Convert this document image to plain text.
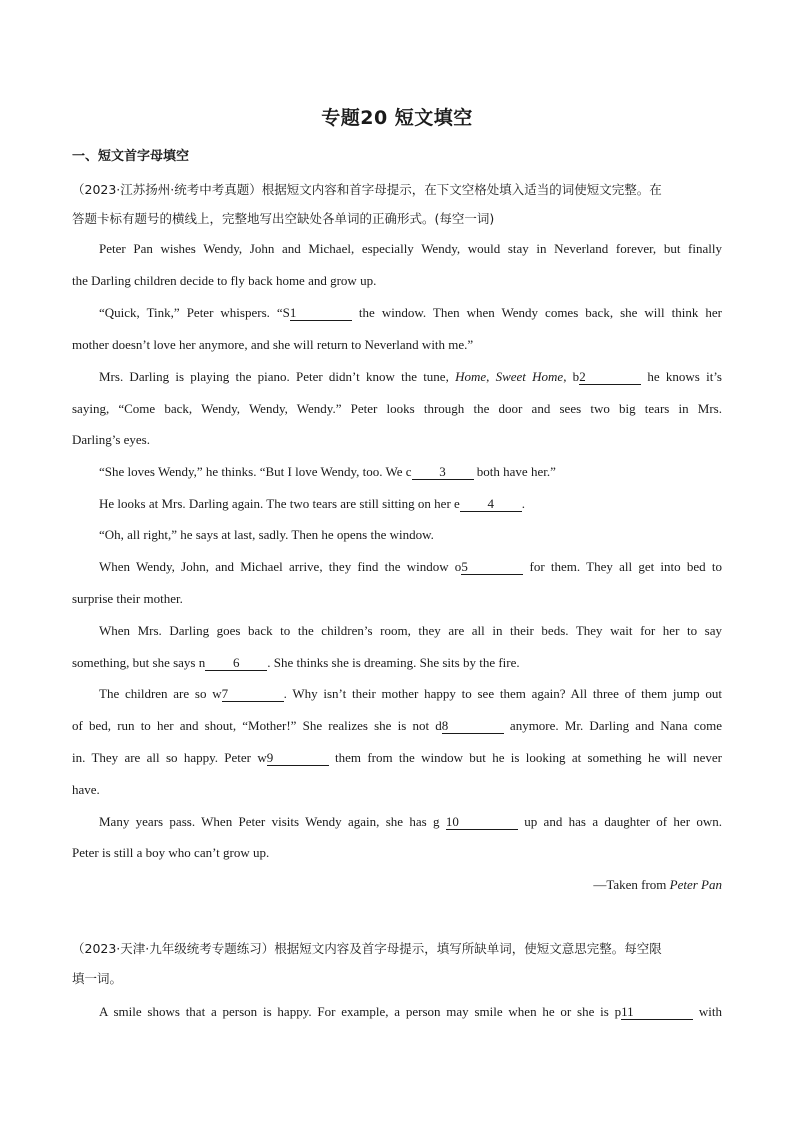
专题20 短文填空
一、短文首字母填空
（2023·江苏扬州·统考中考真题）根据短文内容和首字母提示，在下文空格处填入适当的词使短文完整。在
答题卡标有题号的横线上，完整地写出空缺处各单词的正确形式。(每空一词)
Peter Pan wishes Wendy, John and Michael, especially Wendy, would stay in Neverland forever, but finally
the Darling children decide to fly back home and grow up.
“Quick, Tink,” Peter whispers. “S1	the window. Then when Wendy comes back, she will think her
mother doesn’t love her anymore, and she will return to Neverland with me.”
Mrs. Darling is playing the piano. Peter didn’t know the tune, Home, Sweet Home, b2	he knows it’s
saying, “Come back, Wendy, Wendy, Wendy.” Peter looks through the door and sees two big tears in Mrs.
Darling’s eyes.
“She loves Wendy,” he thinks. “But I love Wendy, too. We c 3 both have her.”
He looks at Mrs. Darling again. The two tears are still sitting on her e 4 .
“Oh, all right,” he says at last, sadly. Then he opens the window.
When Wendy, John, and Michael arrive, they find the window o5	for them. They all get into bed to
surprise their mother.
When Mrs. Darling goes back to the children’s room, they are all in their beds. They wait for her to say
something, but she says n 6 . She thinks she is dreaming. She sits by the fire.
The children are so w7	. Why isn’t their mother happy to see them again? All three of them jump out
of bed, run to her and shout, “Mother!” She realizes she is not d8	anymore. Mr. Darling and Nana come
in. They are all so happy. Peter w9	them from the window but he is looking at something he will never
have.
Many years pass. When Peter visits Wendy again, she has g 10	up and has a daughter of her own.
Peter is still a boy who can’t grow up.
—Taken from Peter Pan
（2023·天津·九年级统考专题练习）根据短文内容及首字母提示，填写所缺单词，使短文意思完整。每空限
填一词。
A smile shows that a person is happy. For example, a person may smile when he or she is p11	with
